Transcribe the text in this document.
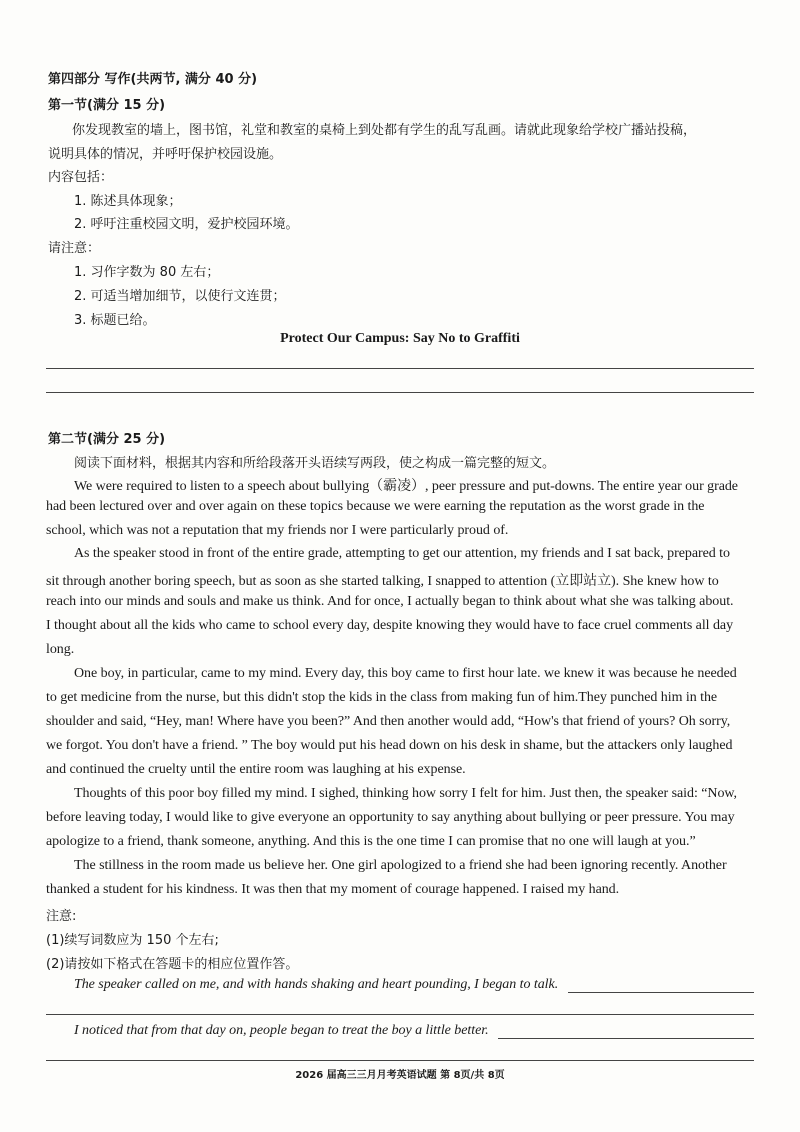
第四部分 写作(共两节, 满分 40 分)
第一节(满分 15 分)
你发现教室的墙上，图书馆，礼堂和教室的桌椅上到处都有学生的乱写乱画。请就此现象给学校广播站投稿，
说明具体的情况，并呼吁保护校园设施。
内容包括：
1. 陈述具体现象；
2. 呼吁注重校园文明，爱护校园环境。
请注意：
1. 习作字数为 80 左右；
2. 可适当增加细节，以使行文连贯；
3. 标题已给。
Protect Our Campus: Say No to Graffiti
第二节(满分 25 分)
阅读下面材料，根据其内容和所给段落开头语续写两段，使之构成一篇完整的短文。
We were required to listen to a speech about bullying（霸凌）, peer pressure and put-downs. The entire year our grade
had been lectured over and over again on these topics because we were earning the reputation as the worst grade in the
school, which was not a reputation that my friends nor I were particularly proud of.
As the speaker stood in front of the entire grade, attempting to get our attention, my friends and I sat back, prepared to
sit through another boring speech, but as soon as she started talking, I snapped to attention (立即站立). She knew how to
reach into our minds and souls and make us think. And for once, I actually began to think about what she was talking about.
I thought about all the kids who came to school every day, despite knowing they would have to face cruel comments all day
long.
One boy, in particular, came to my mind. Every day, this boy came to first hour late. we knew it was because he needed
to get medicine from the nurse, but this didn't stop the kids in the class from making fun of him.They punched him in the
shoulder and said, “Hey, man! Where have you been?” And then another would add, “How's that friend of yours? Oh sorry,
we forgot. You don't have a friend. ” The boy would put his head down on his desk in shame, but the attackers only laughed
and continued the cruelty until the entire room was laughing at his expense.
Thoughts of this poor boy filled my mind. I sighed, thinking how sorry I felt for him. Just then, the speaker said: “Now,
before leaving today, I would like to give everyone an opportunity to say anything about bullying or peer pressure. You may
apologize to a friend, thank someone, anything. And this is the one time I can promise that no one will laugh at you.”
The stillness in the room made us believe her. One girl apologized to a friend she had been ignoring recently. Another
thanked a student for his kindness. It was then that my moment of courage happened. I raised my hand.
注意:
(1)续写词数应为 150 个左右;
(2)请按如下格式在答题卡的相应位置作答。
The speaker called on me, and with hands shaking and heart pounding, I began to talk.
I noticed that from that day on, people began to treat the boy a little better.
2026 届高三三月月考英语试题 第 8页/共 8页
